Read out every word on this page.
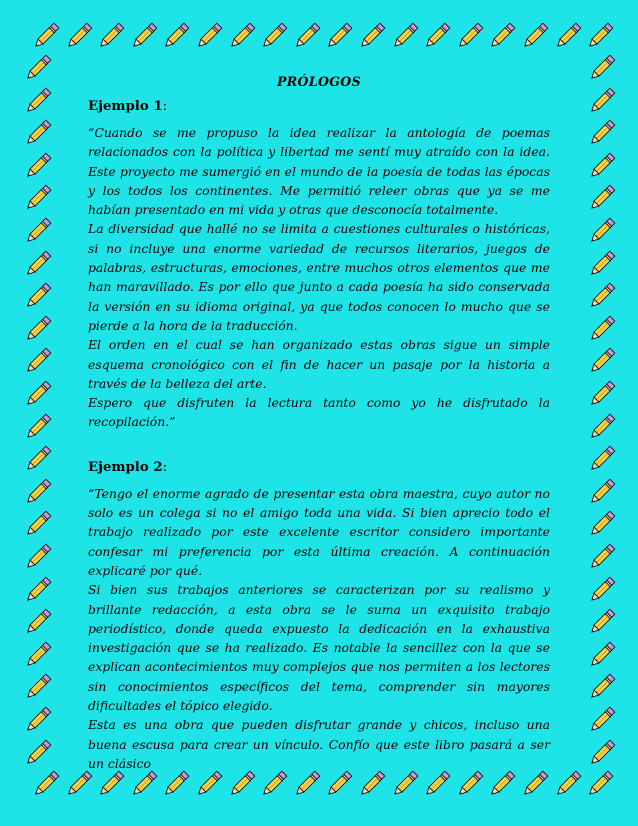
PRÓLOGOS
Ejemplo 1:

“Cuando se me propuso la idea realizar la antología de poemas relacionados con la política y libertad me sentí muy atraído con la idea. Este proyecto me sumergió en el mundo de la poesía de todas las épocas y los todos los continentes. Me permitió releer obras que ya se me habían presentado en mi vida y otras que desconocía totalmente.

La diversidad que hallé no se limita a cuestiones culturales o históricas, si no incluye una enorme variedad de recursos literarios, juegos de palabras, estructuras, emociones, entre muchos otros elementos que me han maravillado. Es por ello que junto a cada poesía ha sido conservada la versión en su idioma original, ya que todos conocen lo mucho que se pierde a la hora de la traducción.

El orden en el cual se han organizado estas obras sigue un simple esquema cronológico con el fin de hacer un pasaje por la historia a través de la belleza del arte.

Espero que disfruten la lectura tanto como yo he disfrutado la recopilación.”

Ejemplo 2:

“Tengo el enorme agrado de presentar esta obra maestra, cuyo autor no solo es un colega si no el amigo toda una vida. Si bien aprecio todo el trabajo realizado por este excelente escritor considero importante confesar mi preferencia por esta última creación. A continuación explicaré por qué.

Si bien sus trabajos anteriores se caracterizan por su realismo y brillante redacción, a esta obra se le suma un exquisito trabajo periodístico, donde queda expuesto la dedicación en la exhaustiva investigación que se ha realizado. Es notable la sencillez con la que se explican acontecimientos muy complejos que nos permiten a los lectores sin conocimientos específicos del tema, comprender sin mayores dificultades el tópico elegido.

Esta es una obra que pueden disfrutar grande y chicos, incluso una buena escusa para crear un vínculo. Confío que este libro pasará a ser un clásico
